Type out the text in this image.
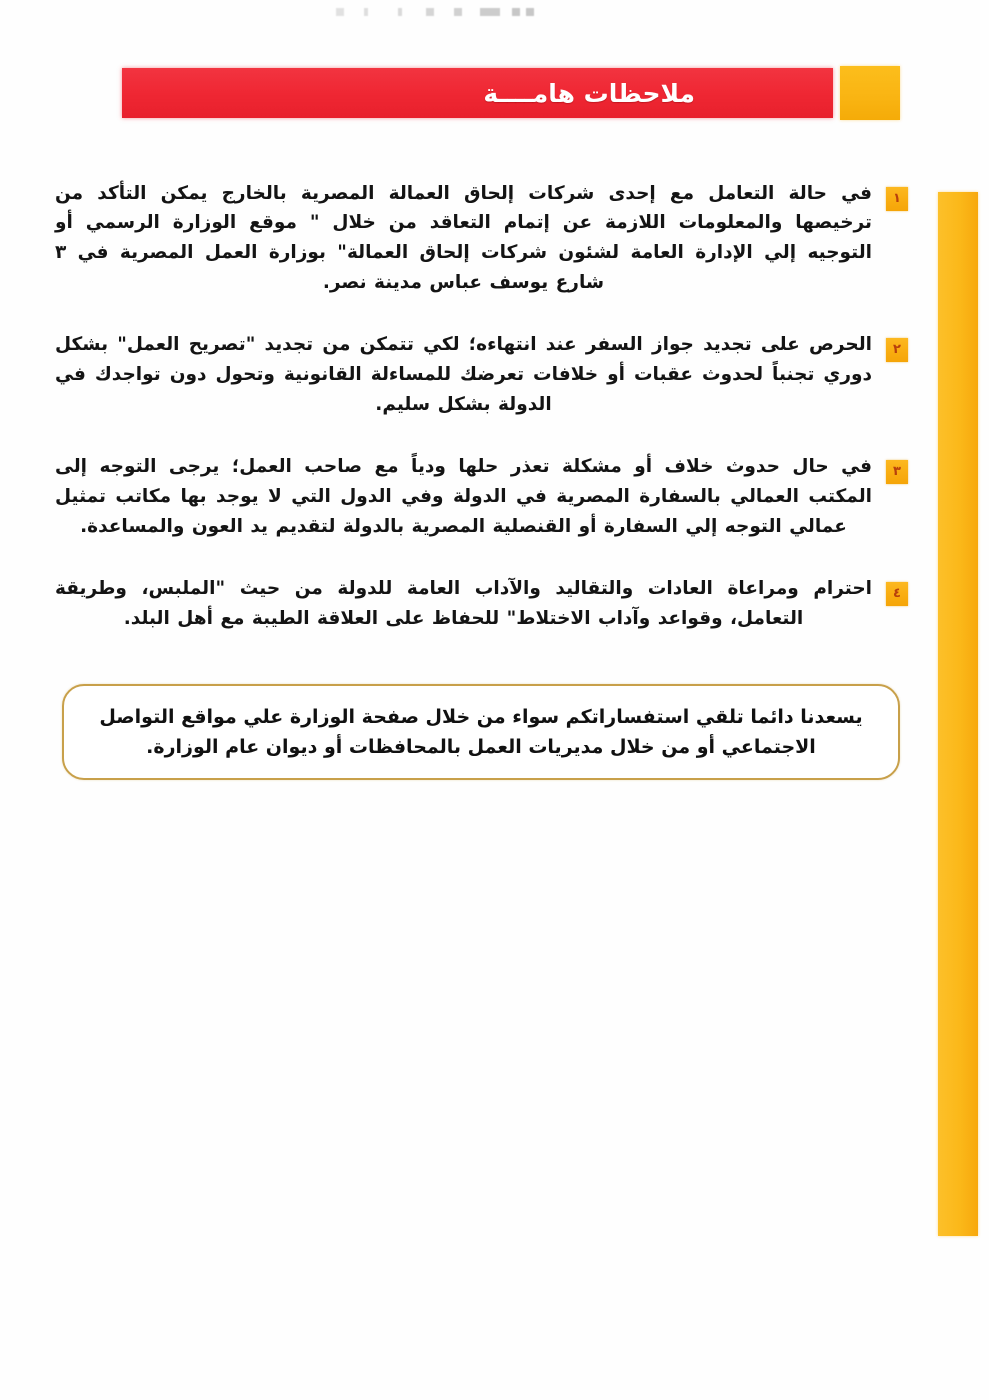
ملاحظات هامــــة
١

في حالة التعامل مع إحدى شركات إلحاق العمالة المصرية بالخارج يمكن التأكد من ترخيصها والمعلومات اللازمة عن إتمام التعاقد من خلال " موقع الوزارة الرسمي أو التوجيه إلي الإدارة العامة لشئون شركات إلحاق العمالة" بوزارة العمل المصرية في ٣ شارع يوسف عباس مدينة نصر.

٢

الحرص على تجديد جواز السفر عند انتهاءه؛ لكي تتمكن من تجديد "تصريح العمل" بشكل دوري تجنباً لحدوث عقبات أو خلافات تعرضك للمساءلة القانونية وتحول دون تواجدك في الدولة بشكل سليم.

٣

في حال حدوث خلاف أو مشكلة تعذر حلها ودياً مع صاحب العمل؛ يرجى التوجه إلى المكتب العمالي بالسفارة المصرية في الدولة وفي الدول التي لا يوجد بها مكاتب تمثيل عمالي التوجه إلي السفارة أو القنصلية المصرية بالدولة لتقديم يد العون والمساعدة.

٤

احترام ومراعاة العادات والتقاليد والآداب العامة للدولة من حيث "الملبس، وطريقة التعامل، وقواعد وآداب الاختلاط" للحفاظ على العلاقة الطيبة مع أهل البلد.

يسعدنا دائما تلقي استفساراتكم سواء من خلال صفحة الوزارة علي مواقع التواصل الاجتماعي أو من خلال مديريات العمل بالمحافظات أو ديوان عام الوزارة.
